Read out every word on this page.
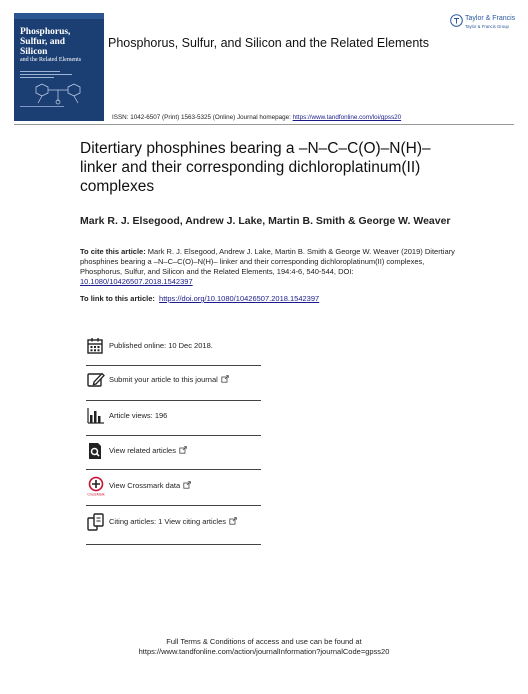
Phosphorus,
Sulfur, and
Silicon
and the Related Elements
Phosphorus, Sulfur, and Silicon and the Related Elements
Taylor & Francis
Taylor & Francis Group
ISSN: 1042-6507 (Print) 1563-5325 (Online) Journal homepage: https://www.tandfonline.com/loi/gpss20
Ditertiary phosphines bearing a –N–C–C(O)–N(H)– linker and their corresponding dichloroplatinum(II) complexes
Mark R. J. Elsegood, Andrew J. Lake, Martin B. Smith & George W. Weaver
To cite this article: Mark R. J. Elsegood, Andrew J. Lake, Martin B. Smith & George W. Weaver (2019) Ditertiary phosphines bearing a –N–C–C(O)–N(H)– linker and their corresponding dichloroplatinum(II) complexes, Phosphorus, Sulfur, and Silicon and the Related Elements, 194:4-6, 540-544, DOI: 10.1080/10426507.2018.1542397
To link to this article: https://doi.org/10.1080/10426507.2018.1542397
Published online: 10 Dec 2018.
Submit your article to this journal
Article views: 196
View related articles
CrossMark
View Crossmark data
Citing articles: 1 View citing articles
Full Terms & Conditions of access and use can be found at
https://www.tandfonline.com/action/journalInformation?journalCode=gpss20
